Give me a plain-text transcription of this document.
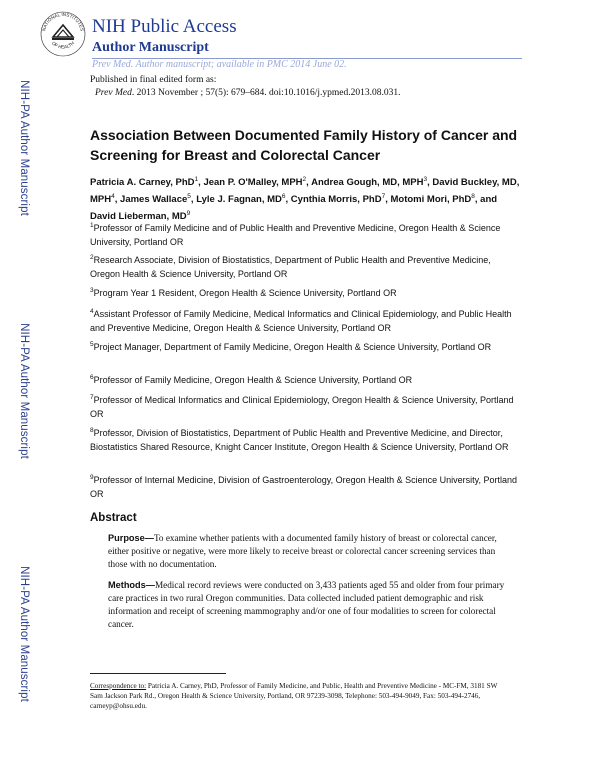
NIH-PA Author Manuscript
NIH-PA Author Manuscript
NIH-PA Author Manuscript
NATIONAL INSTITUTES
OF HEALTH
NIH Public Access
Author Manuscript
Prev Med. Author manuscript; available in PMC 2014 June 02.
Published in final edited form as:
Prev Med. 2013 November ; 57(5): 679–684. doi:10.1016/j.ypmed.2013.08.031.
Association Between Documented Family History of Cancer and Screening for Breast and Colorectal Cancer
Patricia A. Carney, PhD$^1$, Jean P. O'Malley, MPH$^2$, Andrea Gough, MD, MPH$^3$, David Buckley, MD, MPH$^4$, James Wallace$^5$, Lyle J. Fagnan, $MD^6$, Cynthia Morris, PhD$^7$, Motomi Mori, PhD$^8$, and David Lieberman, $MD^9$
$^1$Professor of Family Medicine and of Public Health and Preventive Medicine, Oregon Health & Science University, Portland OR
$^2$Research Associate, Division of Biostatistics, Department of Public Health and Preventive Medicine, Oregon Health & Science University, Portland OR
$^3$Program Year 1 Resident, Oregon Health & Science University, Portland OR
$^4$Assistant Professor of Family Medicine, Medical Informatics and Clinical Epidemiology, and Public Health and Preventive Medicine, Oregon Health & Science University, Portland OR
$^5$Project Manager, Department of Family Medicine, Oregon Health & Science University, Portland OR
$^6$Professor of Family Medicine, Oregon Health & Science University, Portland OR
$^7$Professor of Medical Informatics and Clinical Epidemiology, Oregon Health & Science University, Portland OR
$^8$Professor, Division of Biostatistics, Department of Public Health and Preventive Medicine, and Director, Biostatistics Shared Resource, Knight Cancer Institute, Oregon Health & Science University, Portland OR
$^9$Professor of Internal Medicine, Division of Gastroenterology, Oregon Health & Science University, Portland OR
Abstract
Purpose—To examine whether patients with a documented family history of breast or colorectal cancer, either positive or negative, were more likely to receive breast or colorectal cancer screening services than those with no documentation.
Methods—Medical record reviews were conducted on 3,433 patients aged 55 and older from four primary care practices in two rural Oregon communities. Data collected included patient demographic and risk information and receipt of screening mammography and/or one of four modalities to screen for colorectal cancer.
Correspondence to: Patricia A. Carney, PhD, Professor of Family Medicine, and Public, Health and Preventive Medicine - MC-FM, 3181 SW Sam Jackson Park Rd., Oregon Health & Science University, Portland, OR 97239-3098, Telephone: 503-494-9049, Fax: 503-494-2746, carneyp@ohsu.edu.
